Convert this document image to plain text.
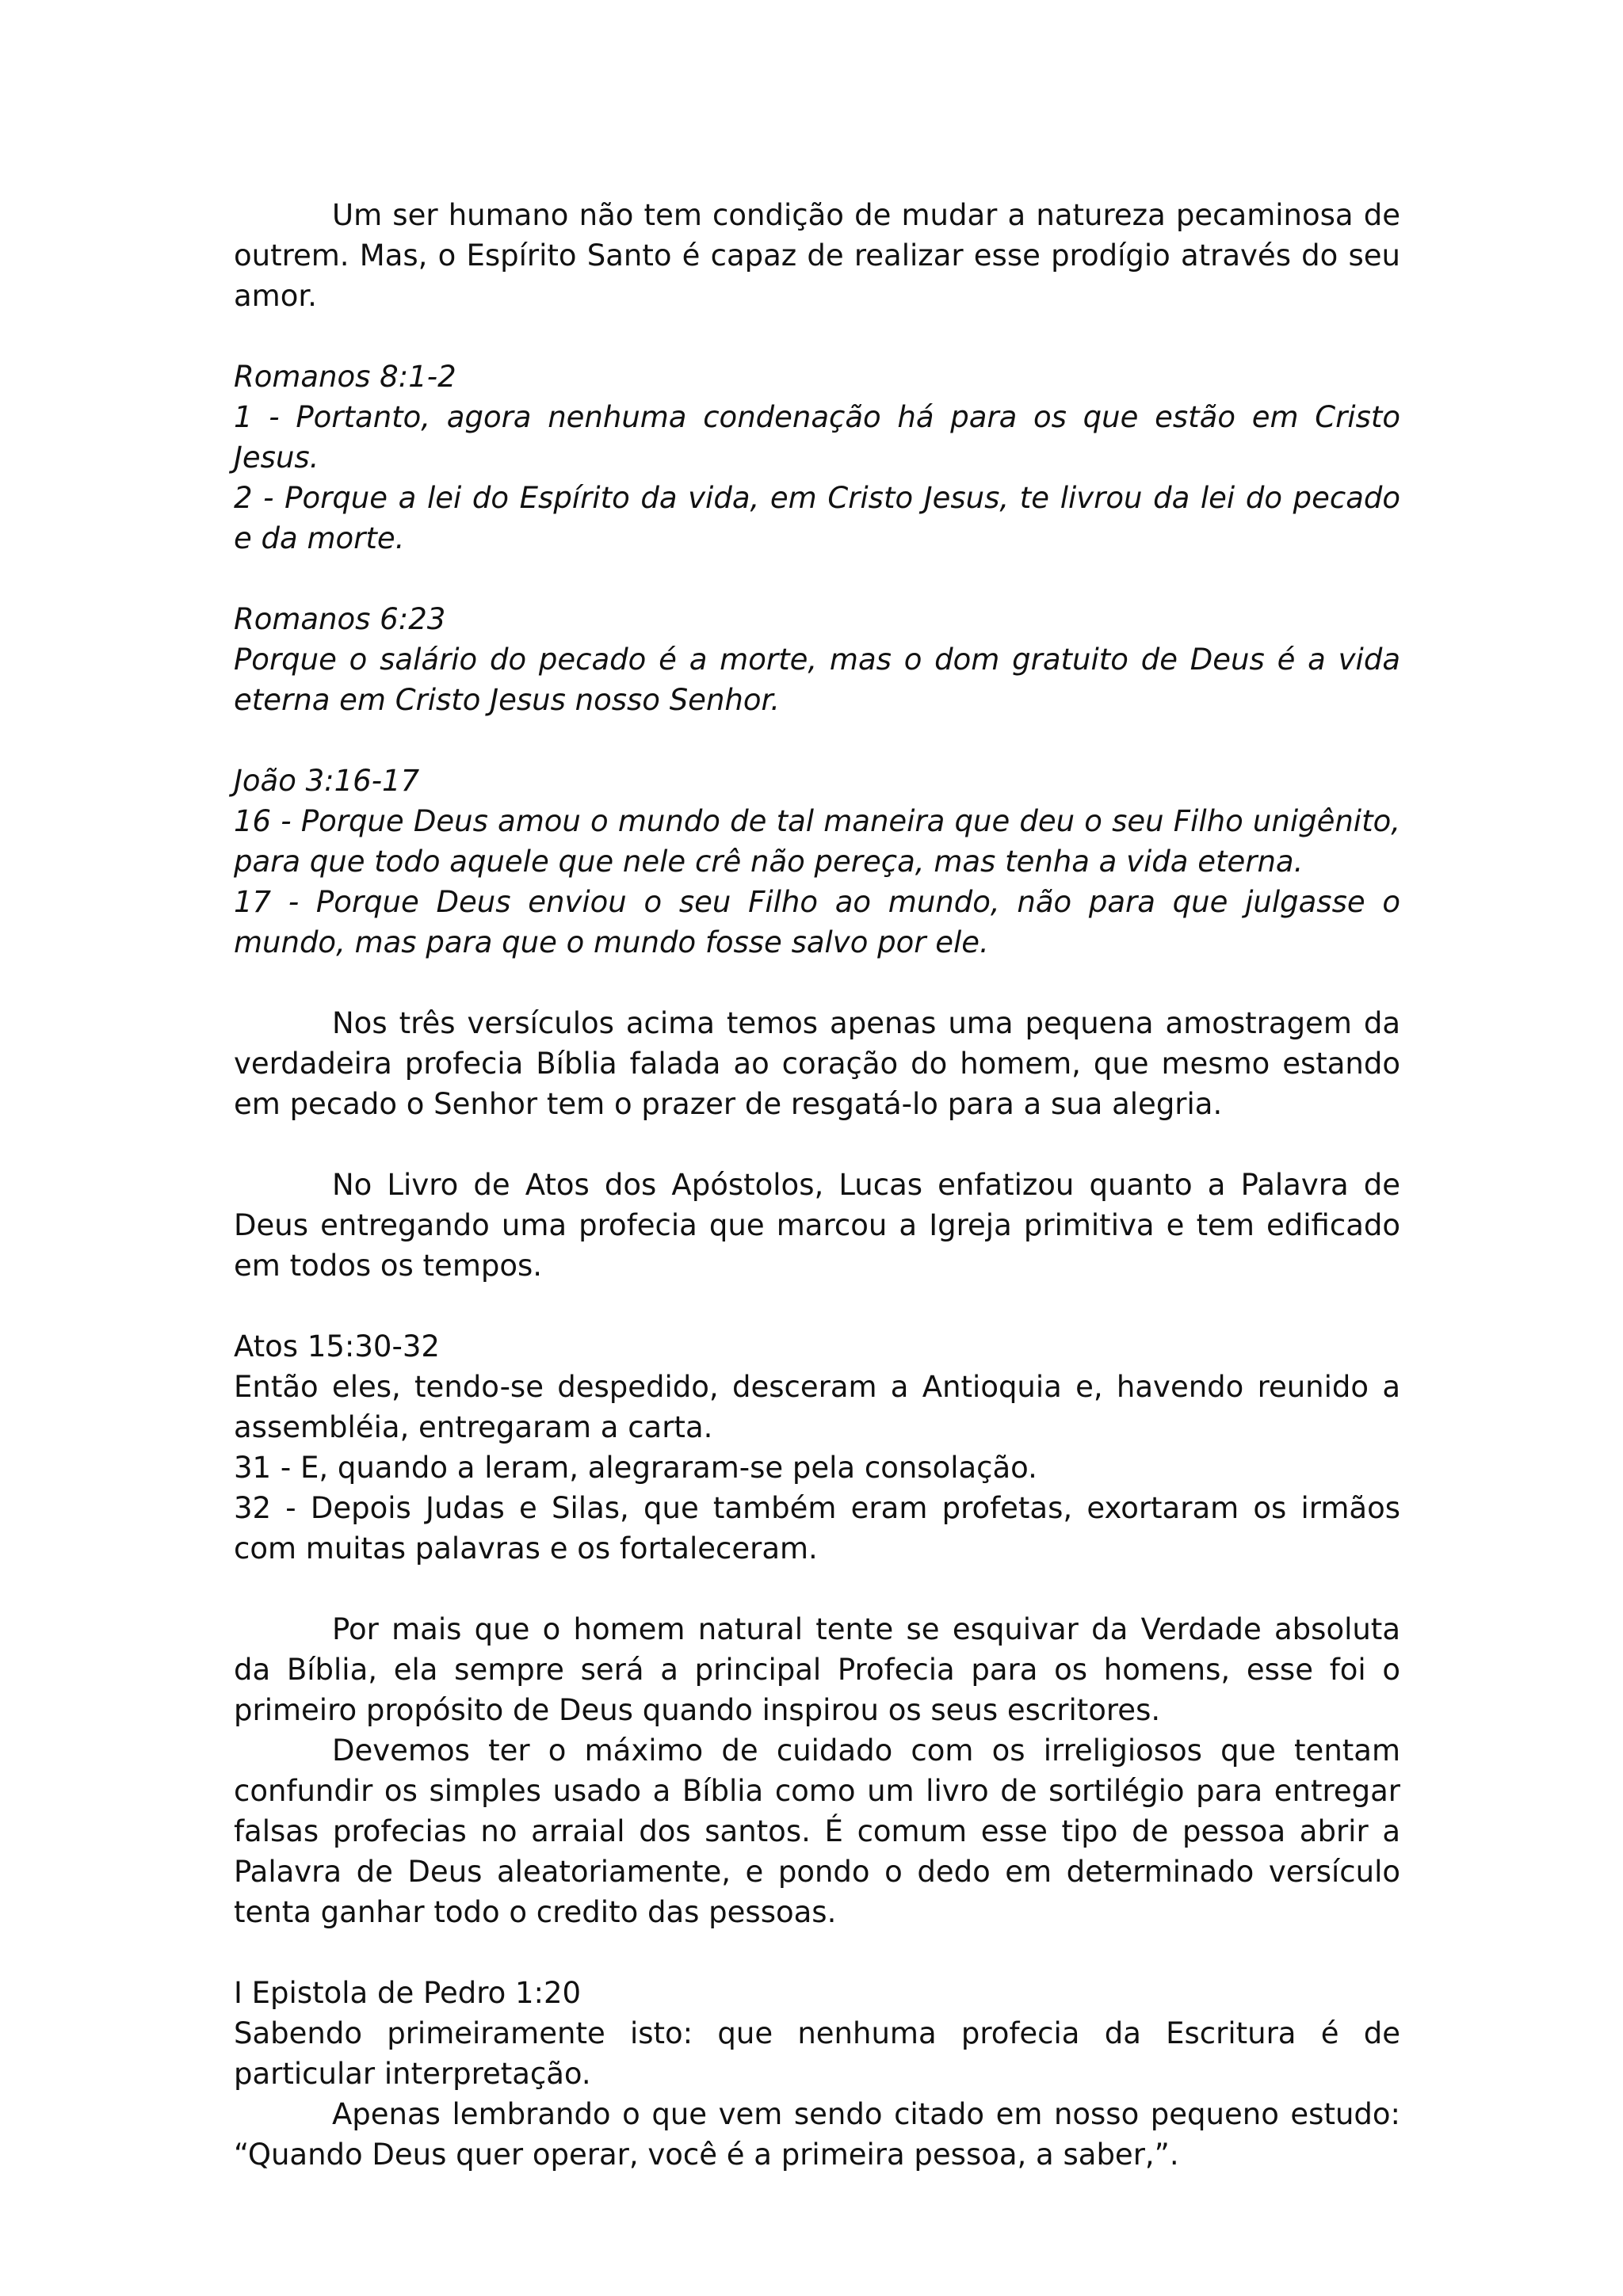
Um ser humano não tem condição de mudar a natureza pecaminosa de outrem. Mas, o Espírito Santo é capaz de realizar esse prodígio através do seu amor.

Romanos 8:1-2

1 - Portanto, agora nenhuma condenação há para os que estão em Cristo Jesus.

2 - Porque a lei do Espírito da vida, em Cristo Jesus, te livrou da lei do pecado e da morte.

Romanos 6:23

Porque o salário do pecado é a morte, mas o dom gratuito de Deus é a vida eterna em Cristo Jesus nosso Senhor.

João 3:16-17

16 - Porque Deus amou o mundo de tal maneira que deu o seu Filho unigênito, para que todo aquele que nele crê não pereça, mas tenha a vida eterna.

17 - Porque Deus enviou o seu Filho ao mundo, não para que julgasse o mundo, mas para que o mundo fosse salvo por ele.

Nos três versículos acima temos apenas uma pequena amostragem da verdadeira profecia Bíblia falada ao coração do homem, que mesmo estando em pecado o Senhor tem o prazer de resgatá-lo para a sua alegria.

No Livro de Atos dos Apóstolos, Lucas enfatizou quanto a Palavra de Deus entregando uma profecia que marcou a Igreja primitiva e tem edificado em todos os tempos.

Atos 15:30-32

Então eles, tendo-se despedido, desceram a Antioquia e, havendo reunido a assembléia, entregaram a carta.

31 - E, quando a leram, alegraram-se pela consolação.

32 - Depois Judas e Silas, que também eram profetas, exortaram os irmãos com muitas palavras e os fortaleceram.

Por mais que o homem natural tente se esquivar da Verdade absoluta da Bíblia, ela sempre será a principal Profecia para os homens, esse foi o primeiro propósito de Deus quando inspirou os seus escritores.

Devemos ter o máximo de cuidado com os irreligiosos que tentam confundir os simples usado a Bíblia como um livro de sortilégio para entregar falsas profecias no arraial dos santos. É comum esse tipo de pessoa abrir a Palavra de Deus aleatoriamente, e pondo o dedo em determinado versículo tenta ganhar todo o credito das pessoas.

I Epistola de Pedro 1:20

Sabendo primeiramente isto: que nenhuma profecia da Escritura é de particular interpretação.

Apenas lembrando o que vem sendo citado em nosso pequeno estudo: “Quando Deus quer operar, você é a primeira pessoa, a saber,”.
